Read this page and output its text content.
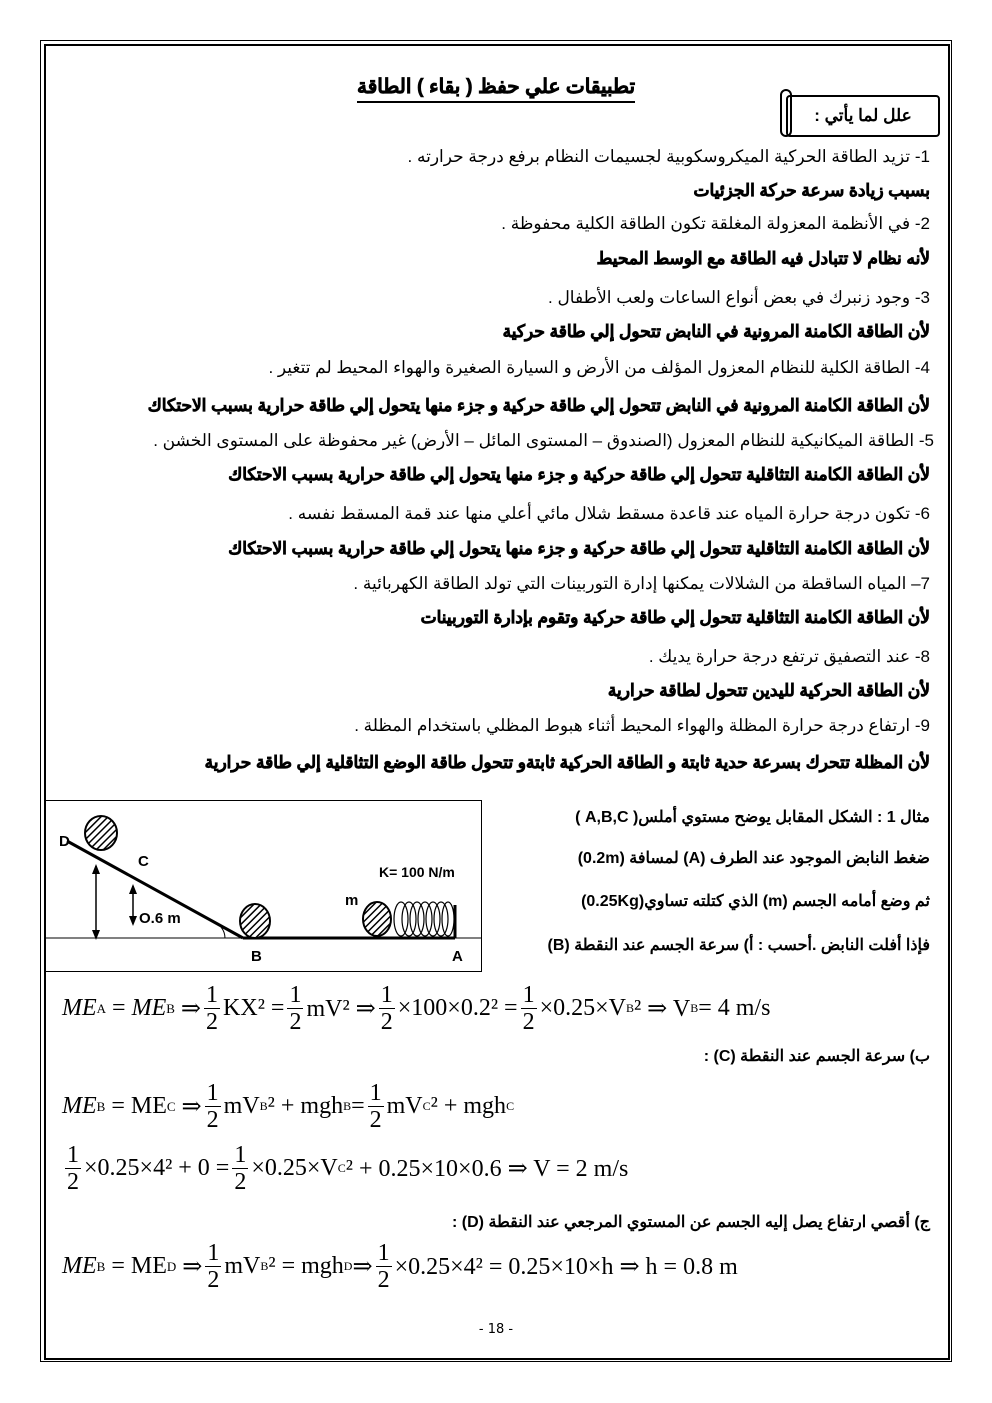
تطبيقات علي حفظ ( بقاء ) الطاقة
علل لما يأتي :
1- تزيد الطاقة الحركية الميكروسكوبية لجسيمات النظام برفع درجة حرارته .
بسبب زيادة سرعة حركة الجزئيات
2- في الأنظمة المعزولة المغلقة تكون الطاقة الكلية محفوظة .
لأنه نظام لا تتبادل فيه الطاقة مع الوسط المحيط
3- وجود زنبرك في بعض أنواع الساعات ولعب الأطفال .
لأن الطاقة الكامنة المرونية في النابض تتحول إلي طاقة حركية
4- الطاقة الكلية للنظام المعزول المؤلف من الأرض و السيارة الصغيرة والهواء المحيط لم تتغير .
لأن الطاقة الكامنة المرونية في النابض تتحول إلي طاقة حركية و جزء منها يتحول إلي طاقة حرارية بسبب الاحتكاك
5- الطاقة الميكانيكية للنظام المعزول (الصندوق – المستوى المائل – الأرض) غير محفوظة على المستوى الخشن .
لأن الطاقة الكامنة التثاقلية تتحول إلي طاقة حركية و جزء منها يتحول إلي طاقة حرارية بسبب الاحتكاك
6- تكون درجة حرارة المياه عند قاعدة مسقط شلال مائي أعلي منها عند قمة المسقط نفسه .
لأن الطاقة الكامنة التثاقلية تتحول إلي طاقة حركية و جزء منها يتحول إلي طاقة حرارية بسبب الاحتكاك
7– المياه الساقطة من الشلالات يمكنها إدارة التوربينات التي تولد الطاقة الكهربائية .
لأن الطاقة الكامنة التثاقلية تتحول إلي طاقة حركية وتقوم بإدارة التوربينات
8- عند التصفيق ترتفع درجة حرارة يديك .
لأن الطاقة الحركية لليدين تتحول لطاقة حرارية
9- ارتفاع درجة حرارة المظلة والهواء المحيط أثناء هبوط المظلي باستخدام المظلة .
لأن المظلة تتحرك بسرعة حدية ثابتة و الطاقة الحركية ثابتةو تتحول طاقة الوضع التثاقلية إلي طاقة حرارية
D
C
B	A
m
K= 100 N/m
O.6 m
مثال 1 : الشكل المقابل يوضح مستوي أملس( A,B,C )
ضغط النابض الموجود عند الطرف (A) لمسافة (0.2m)
ثم وضع أمامه الجسم (m) الذي كتلته تساوي(0.25Kg)
فإذا أفلت النابض .أحسب : أ) سرعة الجسم عند النقطة (B)
ME A = ME B
⇒ $\frac{1}{2} KX^2 = \frac{1}{2} mV^2$ ⇒ $\frac{1}{2} \times 100\times 0.2^2 = \frac{1}{2} \times 0.25\times V$ B ² ⇒ V B = 4 m/s
ب) سرعة الجسم عند النقطة (C) :
ME B
= ME C
⇒ $\frac{1}{2}$ mV B ² + mgh $B = \frac{1}{2}$ mV C ² + mgh C
$\frac{1}{2} \times 0.25\times 4^2 + 0 = \frac{1}{2} \times 0.25\times V$ C ² + 0.25×10×0.6 ⇒ V = 2 m/s
ج) أقصي ارتفاع يصل إليه الجسم عن المستوي المرجعي عند النقطة (D) :
ME B
= ME D
⇒ $\frac{1}{2}$ mV B ² = mgh D ⇒ $\frac{1}{2} \times 0.25\times 4^2 = 0.25\times 10\times h$ ⇒ h = 0.8 m
- 18 -
